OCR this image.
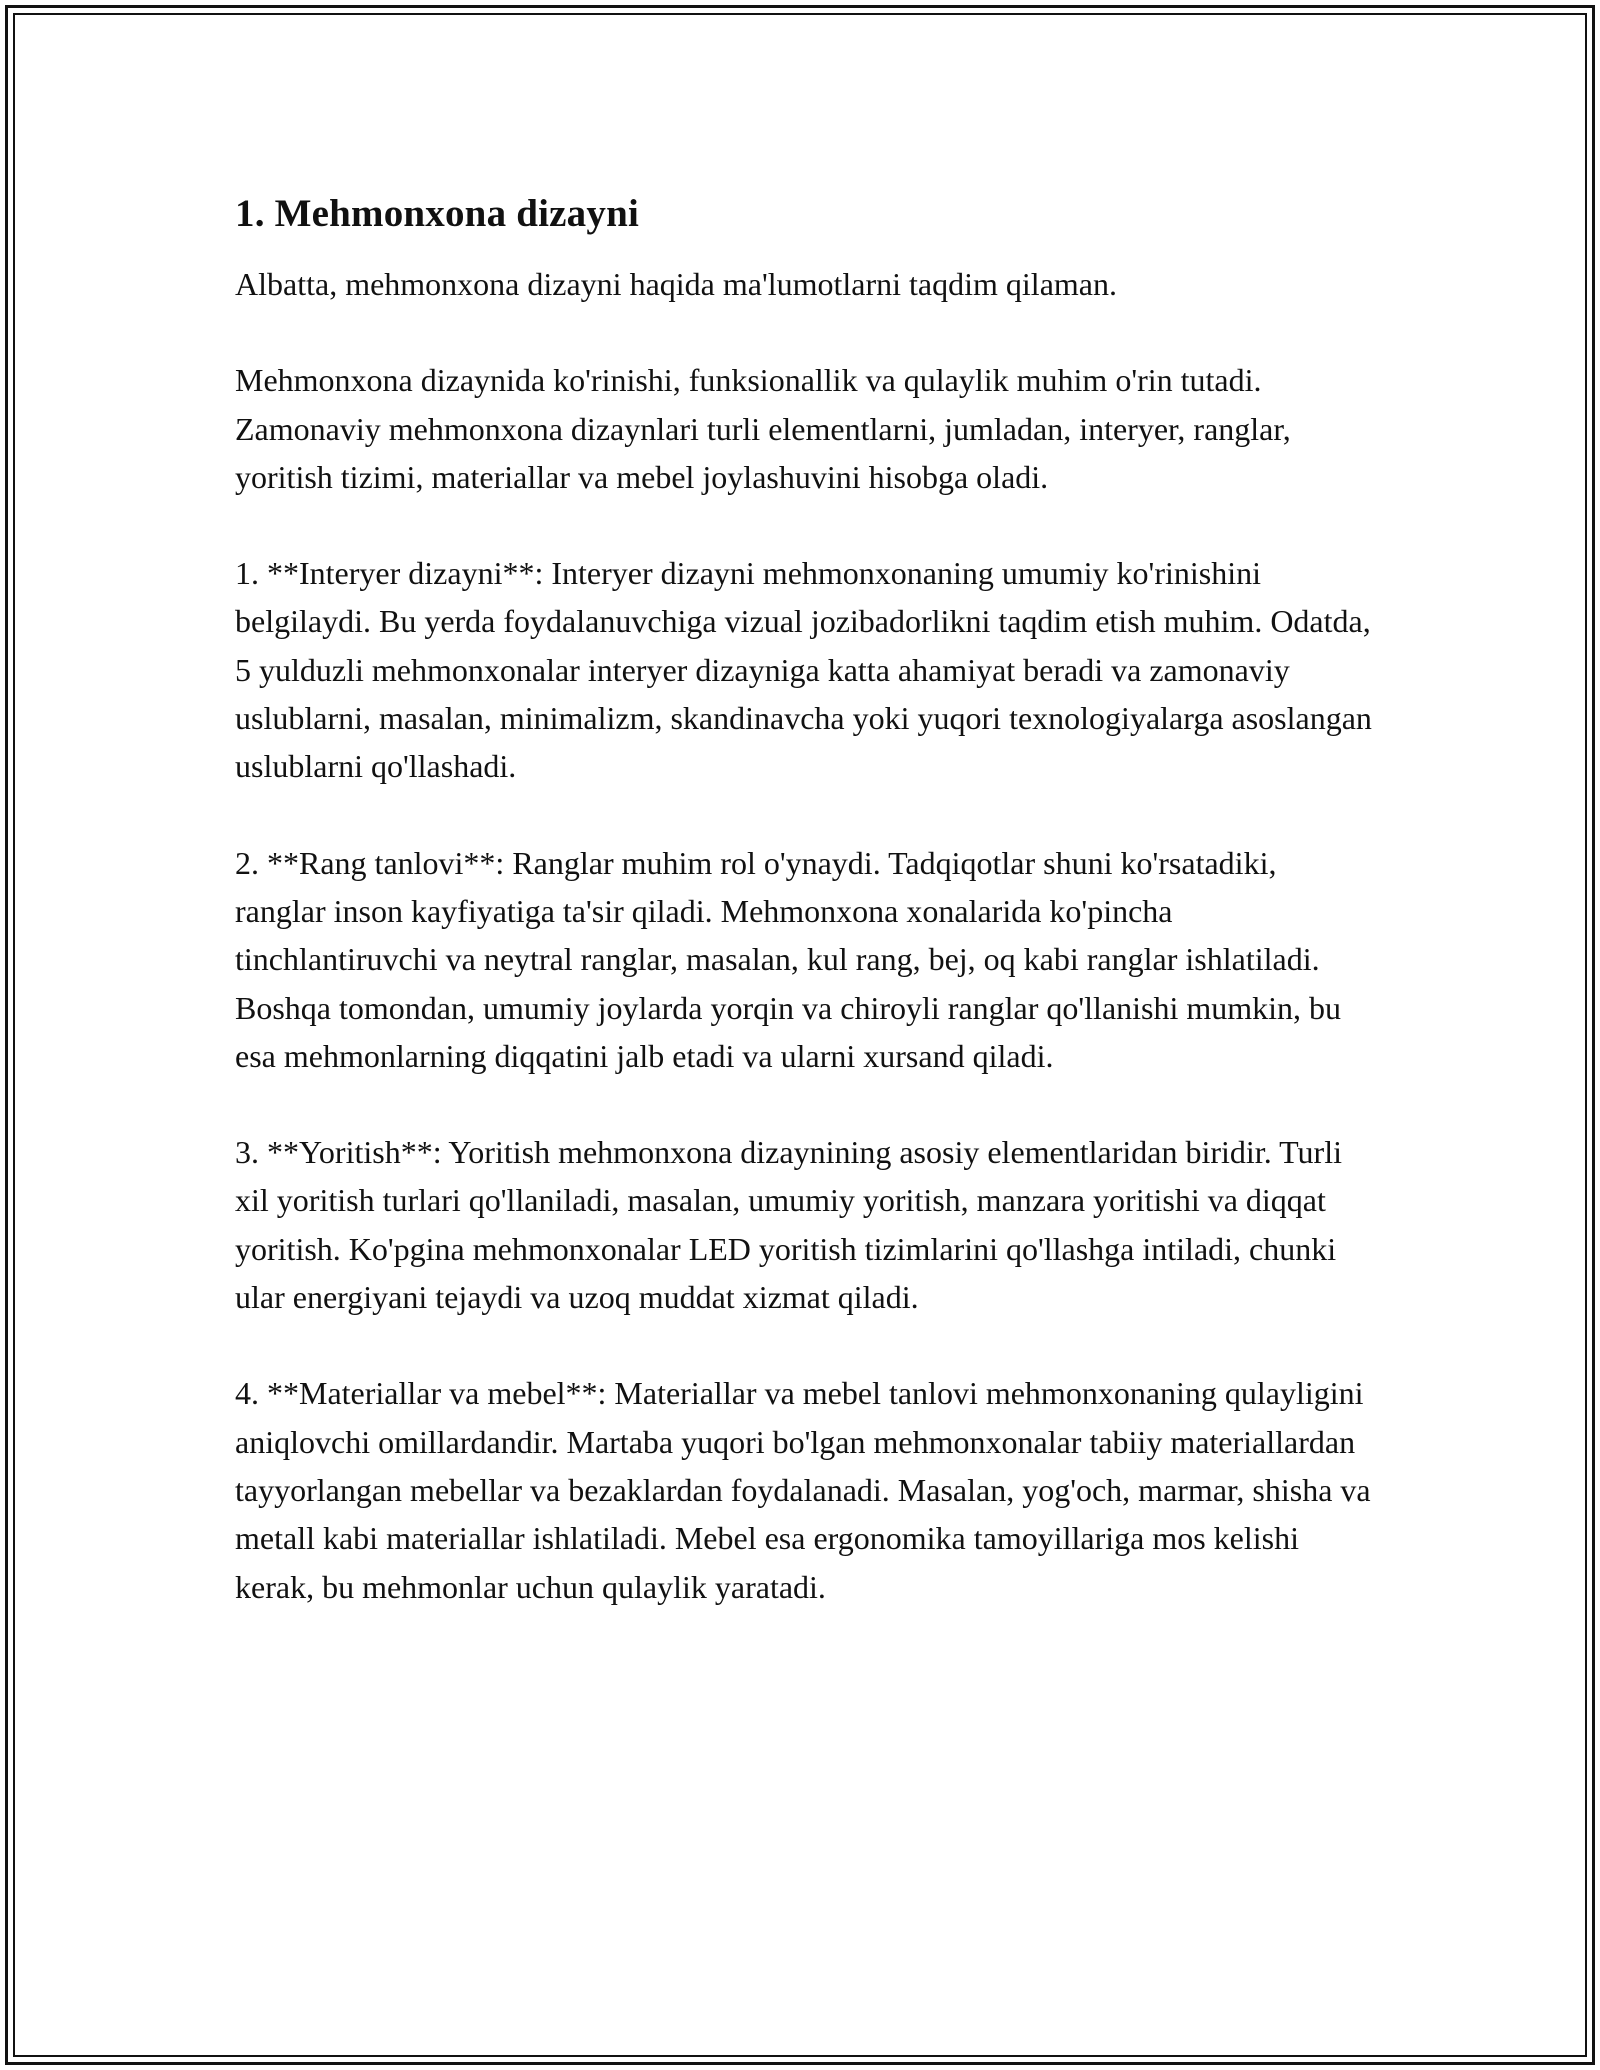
1. Mehmonxona dizayni

Albatta, mehmonxona dizayni haqida ma'lumotlarni taqdim qilaman.

Mehmonxona dizaynida ko'rinishi, funksionallik va qulaylik muhim o'rin tutadi. Zamonaviy mehmonxona dizaynlari turli elementlarni, jumladan, interyer, ranglar, yoritish tizimi, materiallar va mebel joylashuvini hisobga oladi.

1. **Interyer dizayni**: Interyer dizayni mehmonxonaning umumiy ko'rinishini belgilaydi. Bu yerda foydalanuvchiga vizual jozibadorlikni taqdim etish muhim. Odatda, 5 yulduzli mehmonxonalar interyer dizayniga katta ahamiyat beradi va zamonaviy uslublarni, masalan, minimalizm, skandinavcha yoki yuqori texnologiyalarga asoslangan uslublarni qo'llashadi.

2. **Rang tanlovi**: Ranglar muhim rol o'ynaydi. Tadqiqotlar shuni ko'rsatadiki, ranglar inson kayfiyatiga ta'sir qiladi. Mehmonxona xonalarida ko'pincha tinchlantiruvchi va neytral ranglar, masalan, kul rang, bej, oq kabi ranglar ishlatiladi. Boshqa tomondan, umumiy joylarda yorqin va chiroyli ranglar qo'llanishi mumkin, bu esa mehmonlarning diqqatini jalb etadi va ularni xursand qiladi.

3. **Yoritish**: Yoritish mehmonxona dizaynining asosiy elementlaridan biridir. Turli xil yoritish turlari qo'llaniladi, masalan, umumiy yoritish, manzara yoritishi va diqqat yoritish. Ko'pgina mehmonxonalar LED yoritish tizimlarini qo'llashga intiladi, chunki ular energiyani tejaydi va uzoq muddat xizmat qiladi.

4. **Materiallar va mebel**: Materiallar va mebel tanlovi mehmonxonaning qulayligini aniqlovchi omillardandir. Martaba yuqori bo'lgan mehmonxonalar tabiiy materiallardan tayyorlangan mebellar va bezaklardan foydalanadi. Masalan, yog'och, marmar, shisha va metall kabi materiallar ishlatiladi. Mebel esa ergonomika tamoyillariga mos kelishi kerak, bu mehmonlar uchun qulaylik yaratadi.
